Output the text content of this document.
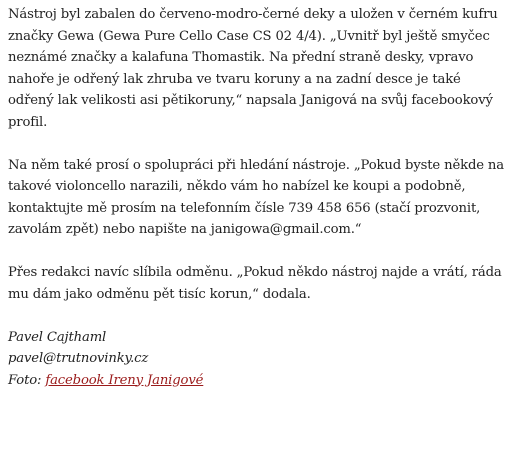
Nástroj byl zabalen do červeno-modro-černé deky a uložen v černém kufru značky Gewa (Gewa Pure Cello Case CS 02 4/4). „Uvnitř byl ještě smyčec neznámé značky a kalafuna Thomastik. Na přední straně desky, vpravo nahoře je odřený lak zhruba ve tvaru koruny a na zadní desce je také odřený lak velikosti asi pětikoruny,“ napsala Janigová na svůj facebookový profil.

Na něm také prosí o spolupráci při hledání nástroje. „Pokud byste někde na takové violoncello narazili, někdo vám ho nabízel ke koupi a podobně, kontaktujte mě prosím na telefonním čísle 739 458 656 (stačí prozvonit, zavolám zpět) nebo napište na janigowa@gmail.com.“

Přes redakci navíc slíbila odměnu. „Pokud někdo nástroj najde a vrátí, ráda mu dám jako odměnu pět tisíc korun,“ dodala.

Pavel Cajthaml
pavel@trutnovinky.cz
Foto: facebook Ireny Janigové
